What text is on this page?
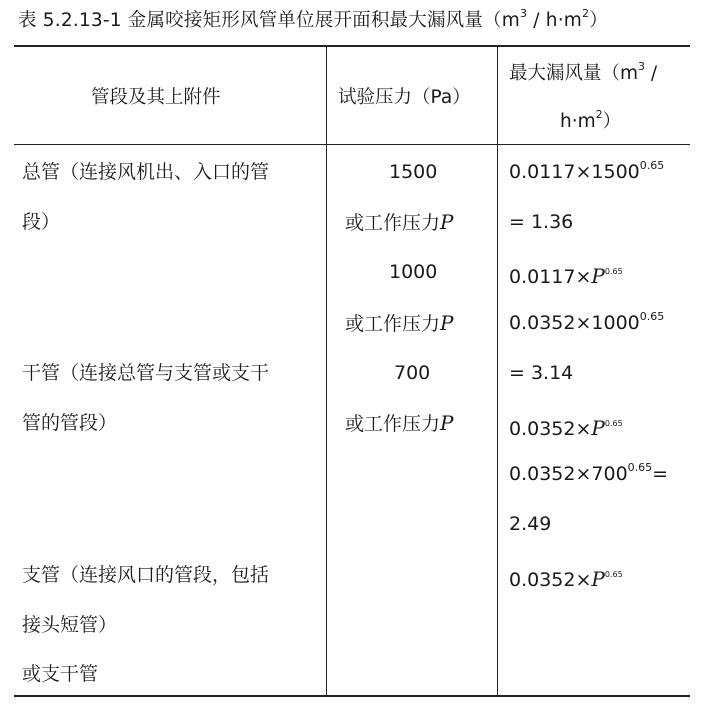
表 5.2.13-1 金属咬接矩形风管单位展开面积最大漏风量$(m^3 / h\cdot m^2)$
管段及其上附件	试验压力（Pa）
最大漏风量（$m^3$ /
$h\cdot m^2$）
总管（连接风机出、入口的管
段）
干管（连接总管与支管或支干
管的管段）
支管（连接风口的管段，包括
接头短管）
或支干管
1500
或工作压力P
1000
或工作压力P
700
或工作压力P
$0.0117\times 1500^{0.65}$
= 1.36
$0.0117\times P^{0.65}$
$0.0352\times 1000^{0.65}$
= 3.14
$0.0352\times P^{0.65}$
$0.0352\times 700^{0.65}=$
2.49
$0.0352\times P^{0.65}$
